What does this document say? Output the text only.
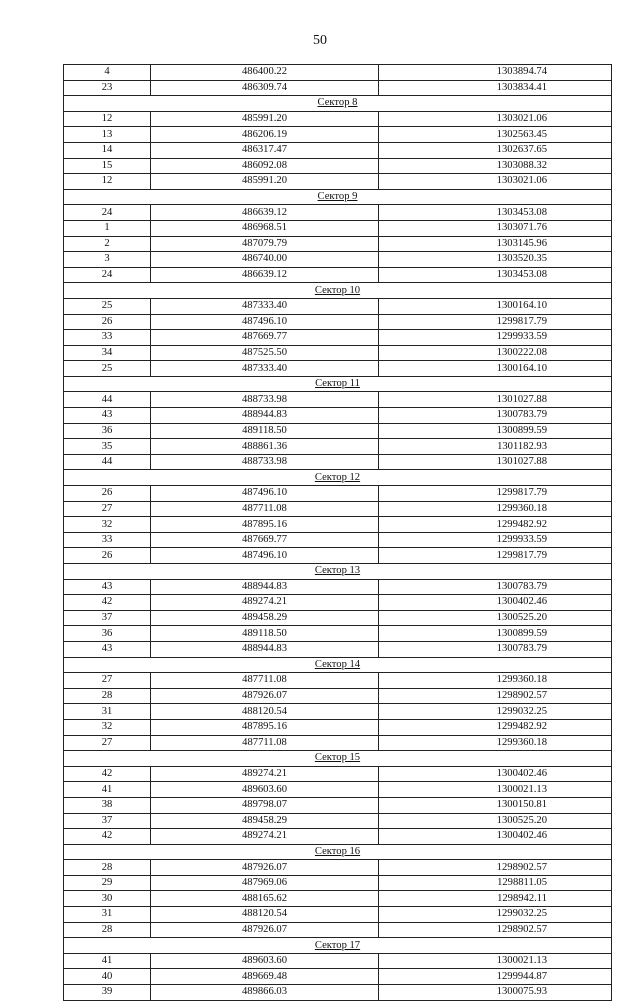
50
4	486400.22	1303894.74
23	486309.74	1303834.41
Сектор 8		
12	485991.20	1303021.06
13	486206.19	1302563.45
14	486317.47	1302637.65
15	486092.08	1303088.32
12	485991.20	1303021.06
Сектор 9		
24	486639.12	1303453.08
1	486968.51	1303071.76
2	487079.79	1303145.96
3	486740.00	1303520.35
24	486639.12	1303453.08
Сектор 10		
25	487333.40	1300164.10
26	487496.10	1299817.79
33	487669.77	1299933.59
34	487525.50	1300222.08
25	487333.40	1300164.10
Сектор 11		
44	488733.98	1301027.88
43	488944.83	1300783.79
36	489118.50	1300899.59
35	488861.36	1301182.93
44	488733.98	1301027.88
Сектор 12		
26	487496.10	1299817.79
27	487711.08	1299360.18
32	487895.16	1299482.92
33	487669.77	1299933.59
26	487496.10	1299817.79
Сектор 13		
43	488944.83	1300783.79
42	489274.21	1300402.46
37	489458.29	1300525.20
36	489118.50	1300899.59
43	488944.83	1300783.79
Сектор 14		
27	487711.08	1299360.18
28	487926.07	1298902.57
31	488120.54	1299032.25
32	487895.16	1299482.92
27	487711.08	1299360.18
Сектор 15		
42	489274.21	1300402.46
41	489603.60	1300021.13
38	489798.07	1300150.81
37	489458.29	1300525.20
42	489274.21	1300402.46
Сектор 16		
28	487926.07	1298902.57
29	487969.06	1298811.05
30	488165.62	1298942.11
31	488120.54	1299032.25
28	487926.07	1298902.57
Сектор 17		
41	489603.60	1300021.13
40	489669.48	1299944.87
39	489866.03	1300075.93
